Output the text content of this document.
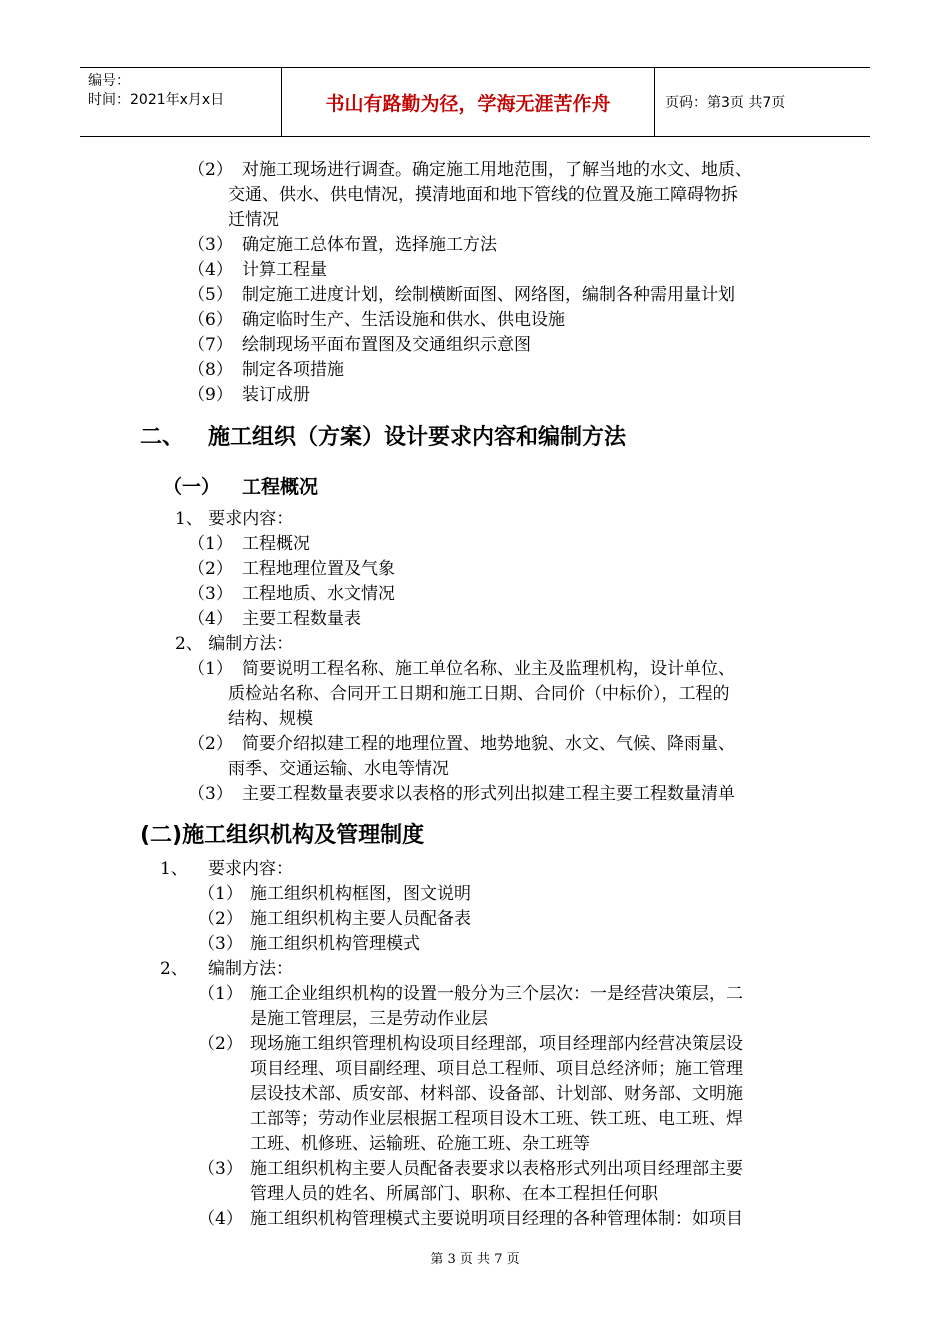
编号：
时间：2021年x月x日	书山有路勤为径，学海无涯苦作舟	页码：第3页 共7页
（2） 对施工现场进行调查。确定施工用地范围，了解当地的水文、地质、
交通、供水、供电情况，摸清地面和地下管线的位置及施工障碍物拆
迁情况
（3） 确定施工总体布置，选择施工方法
（4） 计算工程量
（5） 制定施工进度计划，绘制横断面图、网络图，编制各种需用量计划
（6） 确定临时生产、生活设施和供水、供电设施
（7） 绘制现场平面布置图及交通组织示意图
（8） 制定各项措施
（9） 装订成册
二、 施工组织（方案）设计要求内容和编制方法
（一） 工程概况
1、 要求内容：
（1） 工程概况
（2） 工程地理位置及气象
（3） 工程地质、水文情况
（4） 主要工程数量表
2、 编制方法：
（1） 简要说明工程名称、施工单位名称、业主及监理机构，设计单位、
质检站名称、合同开工日期和施工日期、合同价（中标价），工程的
结构、规模
（2） 简要介绍拟建工程的地理位置、地势地貌、水文、气候、降雨量、
雨季、交通运输、水电等情况
（3） 主要工程数量表要求以表格的形式列出拟建工程主要工程数量清单
(二)施工组织机构及管理制度
1、 要求内容：
（1） 施工组织机构框图，图文说明
（2） 施工组织机构主要人员配备表
（3） 施工组织机构管理模式
2、 编制方法：
（1） 施工企业组织机构的设置一般分为三个层次：一是经营决策层，二
是施工管理层，三是劳动作业层
（2） 现场施工组织管理机构设项目经理部，项目经理部内经营决策层设
项目经理、项目副经理、项目总工程师、项目总经济师；施工管理
层设技术部、质安部、材料部、设备部、计划部、财务部、文明施
工部等；劳动作业层根据工程项目设木工班、铁工班、电工班、焊
工班、机修班、运输班、砼施工班、杂工班等
（3） 施工组织机构主要人员配备表要求以表格形式列出项目经理部主要
管理人员的姓名、所属部门、职称、在本工程担任何职
（4） 施工组织机构管理模式主要说明项目经理的各种管理体制：如项目
第 3 页 共 7 页
